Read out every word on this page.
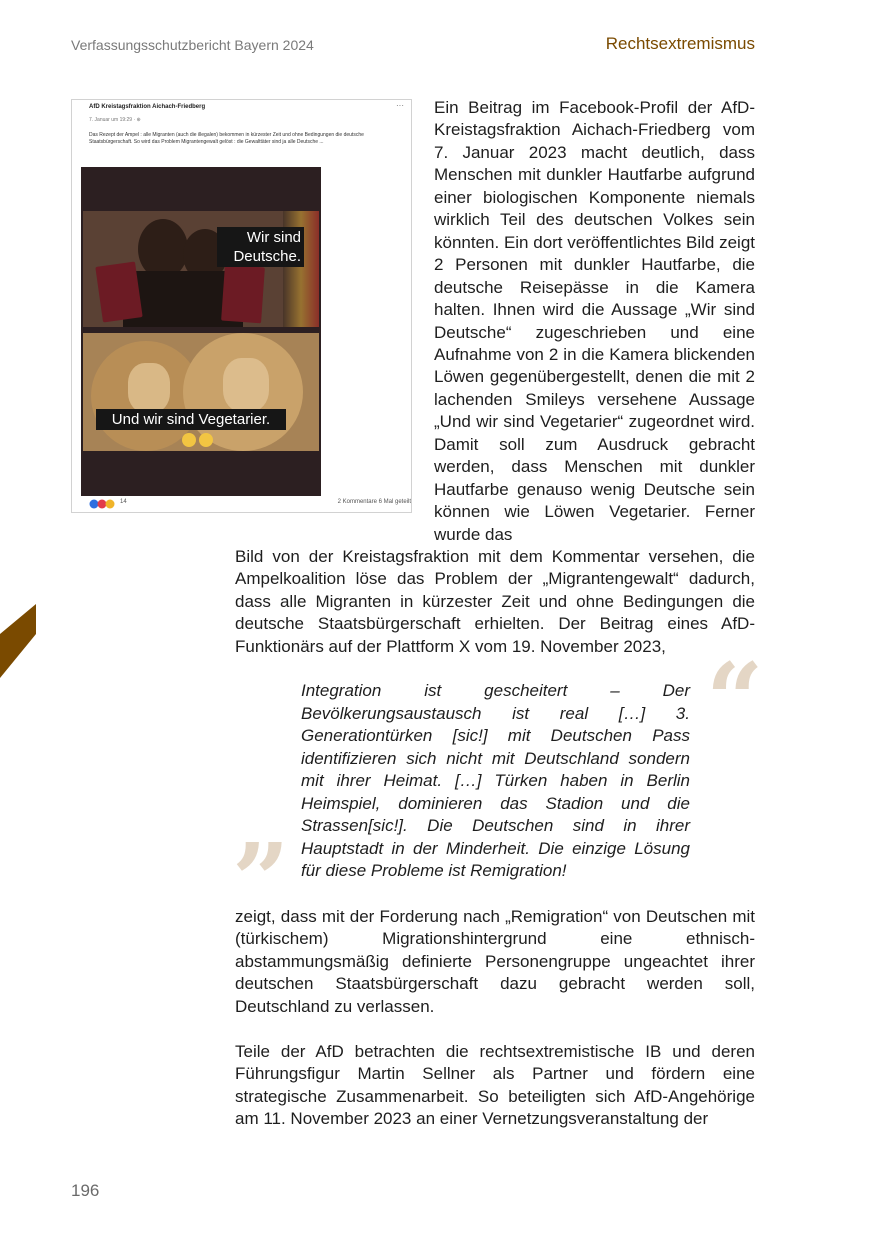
Verfassungsschutzbericht Bayern 2024	Rechtsextremismus
AfD Kreistagsfraktion Aichach-Friedberg	···
7. Januar um 19:29 · ⊕
Das Rezept der Ampel : alle Migranten (auch die illegalen) bekommen in kürzester Zeit und ohne Bedingungen die deutsche Staatsbürgerschaft. So wird das Problem Migrantengewalt gelöst : die Gewalttäter sind ja alle Deutsche ...
Wir sind Deutsche.
Und wir sind Vegetarier.
14	2 Kommentare 6 Mal geteilt

Ein Beitrag im Facebook-Profil der AfD-Kreistagsfraktion Aichach-Friedberg vom 7. Januar 2023 macht deutlich, dass Menschen mit dunkler Hautfarbe aufgrund einer biologischen Komponente niemals wirklich Teil des deutschen Volkes sein könnten. Ein dort veröffentlichtes Bild zeigt 2 Personen mit dunkler Hautfarbe, die deutsche Reisepässe in die Kamera halten. Ihnen wird die Aussage „Wir sind Deutsche“ zugeschrieben und eine Aufnahme von 2 in die Kamera blickenden Löwen gegenübergestellt, denen die mit 2 lachenden Smileys versehene Aussage „Und wir sind Vegetarier“ zugeordnet wird. Damit soll zum Ausdruck gebracht werden, dass Menschen mit dunkler Hautfarbe genauso wenig Deutsche sein können wie Löwen Vegetarier. Ferner wurde das

Bild von der Kreistagsfraktion mit dem Kommentar versehen, die Ampelkoalition löse das Problem der „Migrantengewalt“ dadurch, dass alle Migranten in kürzester Zeit und ohne Bedingungen die deutsche Staatsbürgerschaft erhielten. Der Beitrag eines AfD-Funktionärs auf der Plattform X vom 19. November 2023, “

Integration ist gescheitert – Der Bevölkerungsaustausch ist real […] 3. Generationtürken [sic!] mit Deutschen Pass identifizieren sich nicht mit Deutschland sondern mit ihrer Heimat. […] Türken haben in Berlin Heimspiel, dominieren das Stadion und die Strassen[sic!]. Die Deutschen sind in ihrer Hauptstadt in der Minderheit. Die einzige Lösung für diese Probleme ist Remigration!

”

zeigt, dass mit der Forderung nach „Remigration“ von Deutschen mit (türkischem) Migrationshintergrund eine ethnisch-abstammungsmäßig definierte Personengruppe ungeachtet ihrer deutschen Staatsbürgerschaft dazu gebracht werden soll, Deutschland zu verlassen.

Teile der AfD betrachten die rechtsextremistische IB und deren Führungsfigur Martin Sellner als Partner und fördern eine strategische Zusammenarbeit. So beteiligten sich AfD-Angehörige am 11. November 2023 an einer Vernetzungsveranstaltung der

196
